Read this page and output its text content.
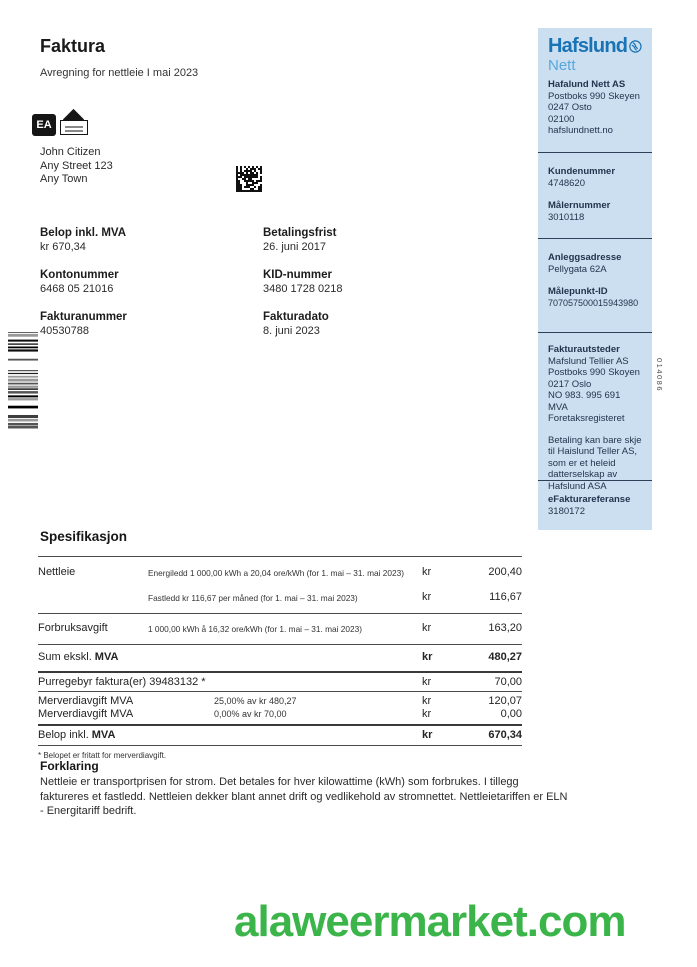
Faktura
Avregning for nettleie I mai 2023
EA
John Citizen
Any Street 123
Any Town
Belop inkl. MVA
kr 670,34
Kontonummer
6468 05 21016
Fakturanummer
40530788
Betalingsfrist
26. juni 2017
KID-nummer
3480 1728 0218
Fakturadato
8. juni 2023
Spesifikasjon
Nettleie	Energiledd 1 000,00 kWh a 20,04 ore/kWh (for 1. mai – 31. mai 2023)	kr	200,40
Fastledd kr 116,67 per måned (for 1. mai – 31. mai 2023)	kr	116,67
Forbruksavgift	1 000,00 kWh å 16,32 ore/kWh (for 1. mai – 31. mai 2023)	kr	163,20
Sum ekskl. MVA	kr	480,27
Purregebyr faktura(er) 39483132 *	kr	70,00
Merverdiavgift MVA	25,00% av kr 480,27	kr	120,07
Merverdiavgift MVA	0,00% av kr 70,00	kr	0,00
Belop inkl. MVA	kr	670,34
* Belopet er fritatt for merverdiavgift.
Forklaring
Nettleie er transportprisen for strom. Det betales for hver kilowattime (kWh) som forbrukes. I tillegg faktureres et fastledd. Nettleien dekker blant annet drift og vedlikehold av stromnettet. Nettleietariffen er ELN - Energitariff bedrift.
alaweermarket.com
Hafslund
Nett
Hafalund Nett AS
Postboks 990 Skeyen
0247 Osto
02100
hafslundnett.no
Kundenummer
4748620
Målernummer
3010118
Anleggsadresse
Pellygata 62A
Målepunkt-ID
707057500015943980
Fakturautsteder
Mafslund Tellier AS
Postboks 990 Skoyen
0217 Oslo
NO 983. 995 691 MVA
Foretaksregisteret
Betaling kan bare skje til Haislund Teller AS, som er et heleid datterselskap av Hafslund ASA
eFakturareferanse
3180172
014086
